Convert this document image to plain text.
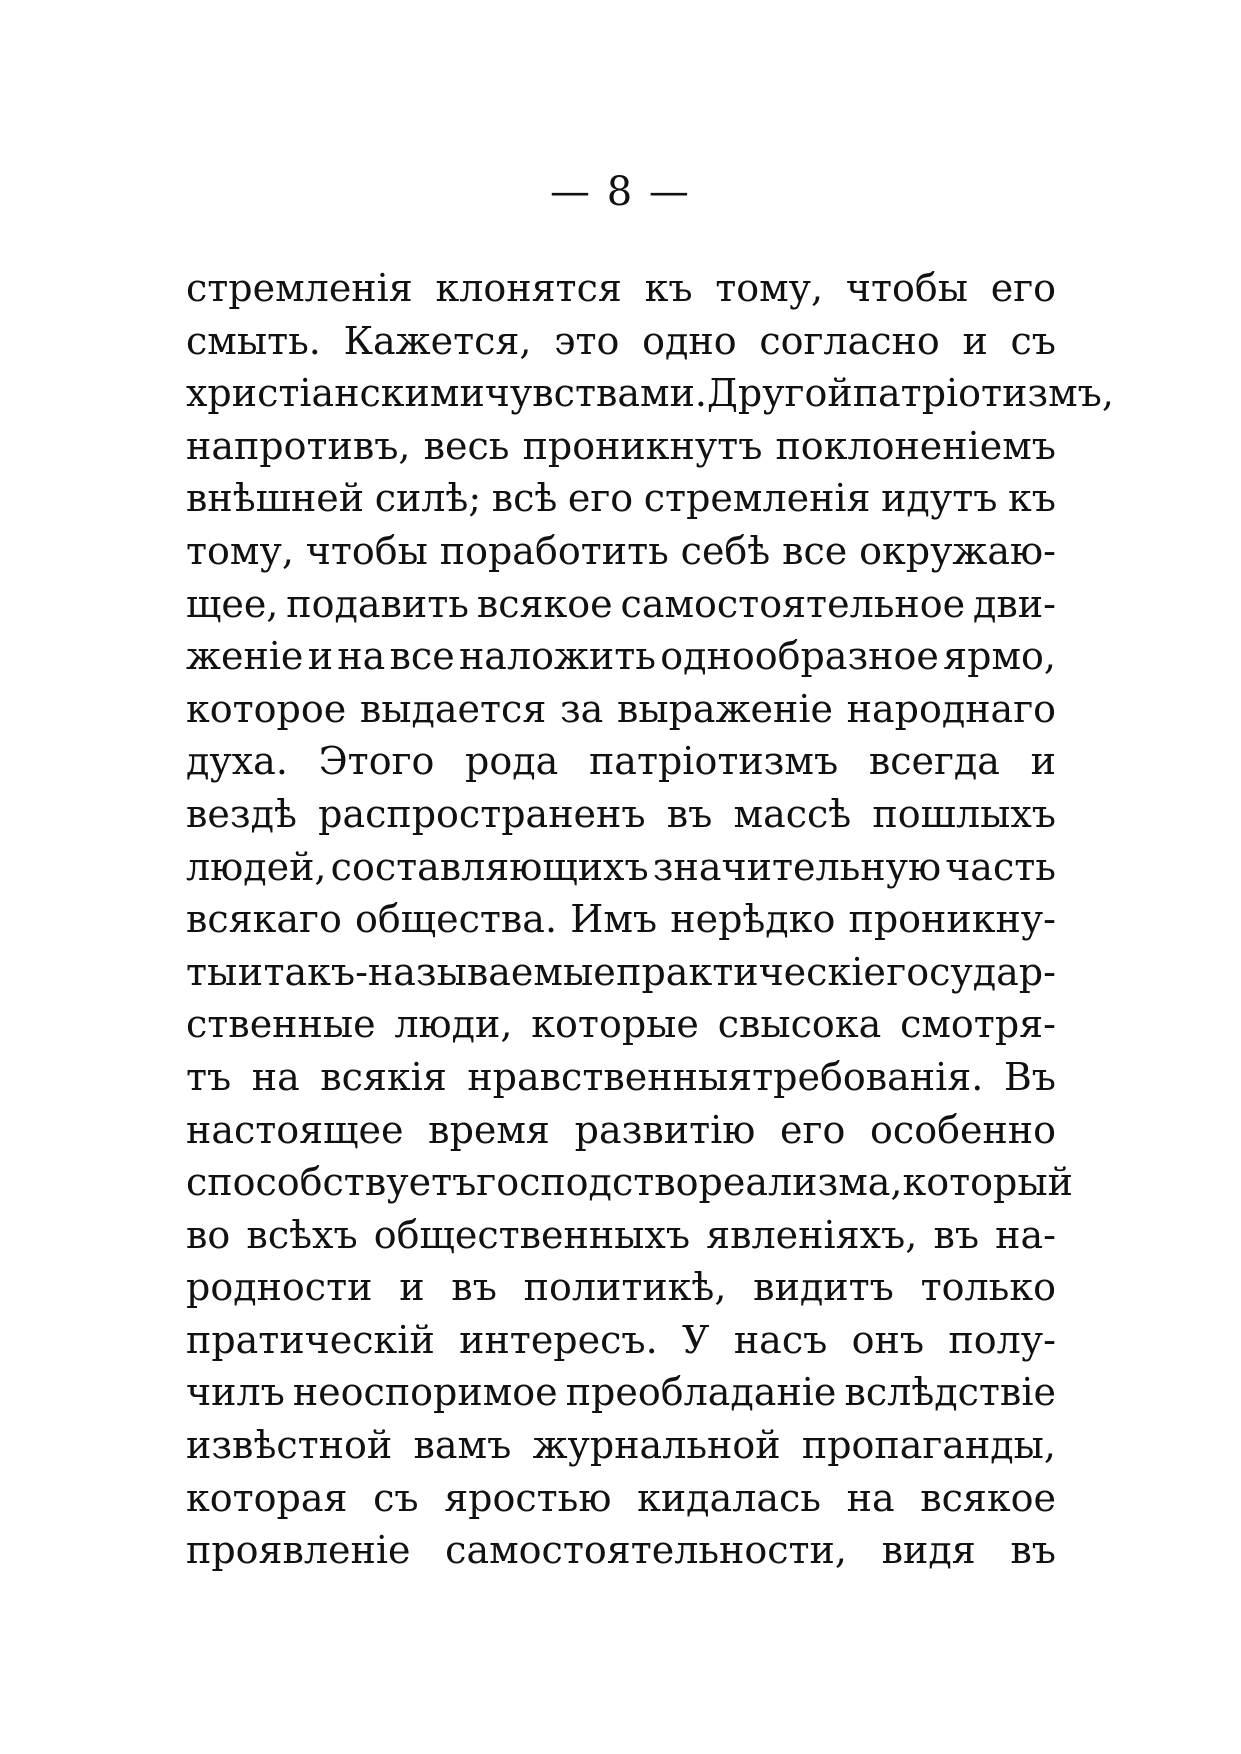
— 8 —
стремленія клонятся къ тому, чтобы его
смыть. Кажется, это одно согласно и съ
христіанскими чувствами. Другой патріотизмъ,
напротивъ, весь проникнутъ поклоненіемъ
внѣшней силѣ; всѣ его стремленія идутъ къ
тому, чтобы поработить себѣ все окружаю-
щее, подавить всякое самостоятельное дви-
женіе и на все наложить однообразное ярмо,
которое выдается за выраженіе народнаго
духа. Этого рода патріотизмъ всегда и
вездѣ распространенъ въ массѣ пошлыхъ
людей, составляющихъ значительную часть
всякаго общества. Имъ нерѣдко проникну-
ты и такъ-называемые практическіе государ-
ственные люди, которые свысока смотря-
тъ на всякія нравственныятребованія. Въ
настоящее время развитію его особенно
способствуетъ господство реализма, который
во всѣхъ общественныхъ явленіяхъ, въ на-
родности и въ политикѣ, видитъ только
пратическій интересъ. У насъ онъ полу-
чилъ неоспоримое преобладаніе вслѣдствіе
извѣстной вамъ журнальной пропаганды,
которая съ яростью кидалась на всякое
проявленіе самостоятельности, видя въ
